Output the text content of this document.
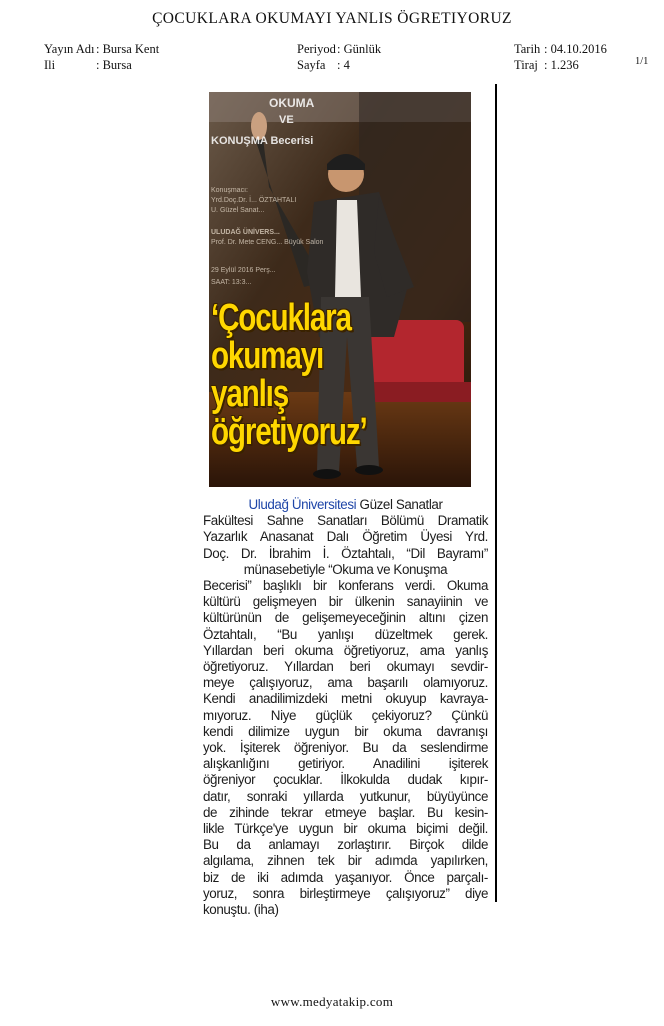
ÇOCUKLARA OKUMAYI YANLIS ÖGRETIYORUZ
Yayın Adı : Bursa Kent
Ili	: Bursa
Periyod: Günlük
Sayfa : 4
Tarih : 04.10.2016
Tiraj : 1.236	1/1
OKUMA
VE
KONUŞMA Becerisi
Konuşmacı:
Yrd.Doç.Dr. İ... ÖZTAHTALI
U. Güzel Sanat...
ULUDAĞ ÜNİVERS...
Prof. Dr. Mete CENG... Büyük Salon
29 Eylül 2016 Perş...
SAAT: 13:3...
‘Çocuklara
okumayı
yanlış
öğretiyoruz’
Uludağ Üniversitesi Güzel Sanatlar
Fakültesi Sahne Sanatları Bölümü Dramatik
Yazarlık Anasanat Dalı Öğretim Üyesi Yrd.
Doç. Dr. İbrahim İ. Öztahtalı, “Dil Bayramı”
münasebetiyle “Okuma ve Konuşma
Becerisi” başlıklı bir konferans verdi. Okuma
kültürü gelişmeyen bir ülkenin sanayiinin ve
kültürünün de gelişemeyeceğinin altını çizen
Öztahtalı, “Bu yanlışı düzeltmek gerek.
Yıllardan beri okuma öğretiyoruz, ama yanlış
öğretiyoruz. Yıllardan beri okumayı sevdir-
meye çalışıyoruz, ama başarılı olamıyoruz.
Kendi anadilimizdeki metni okuyup kavraya-
mıyoruz. Niye güçlük çekiyoruz? Çünkü
kendi dilimize uygun bir okuma davranışı
yok. İşiterek öğreniyor. Bu da seslendirme
alışkanlığını getiriyor. Anadilini işiterek
öğreniyor çocuklar. İlkokulda dudak kıpır-
datır, sonraki yıllarda yutkunur, büyüyünce
de zihinde tekrar etmeye başlar. Bu kesin-
likle Türkçe'ye uygun bir okuma biçimi değil.
Bu da anlamayı zorlaştırır. Birçok dilde
algılama, zihnen tek bir adımda yapılırken,
biz de iki adımda yaşanıyor. Önce parçalı-
yoruz, sonra birleştirmeye çalışıyoruz” diye
konuştu. (iha)
www.medyatakip.com
